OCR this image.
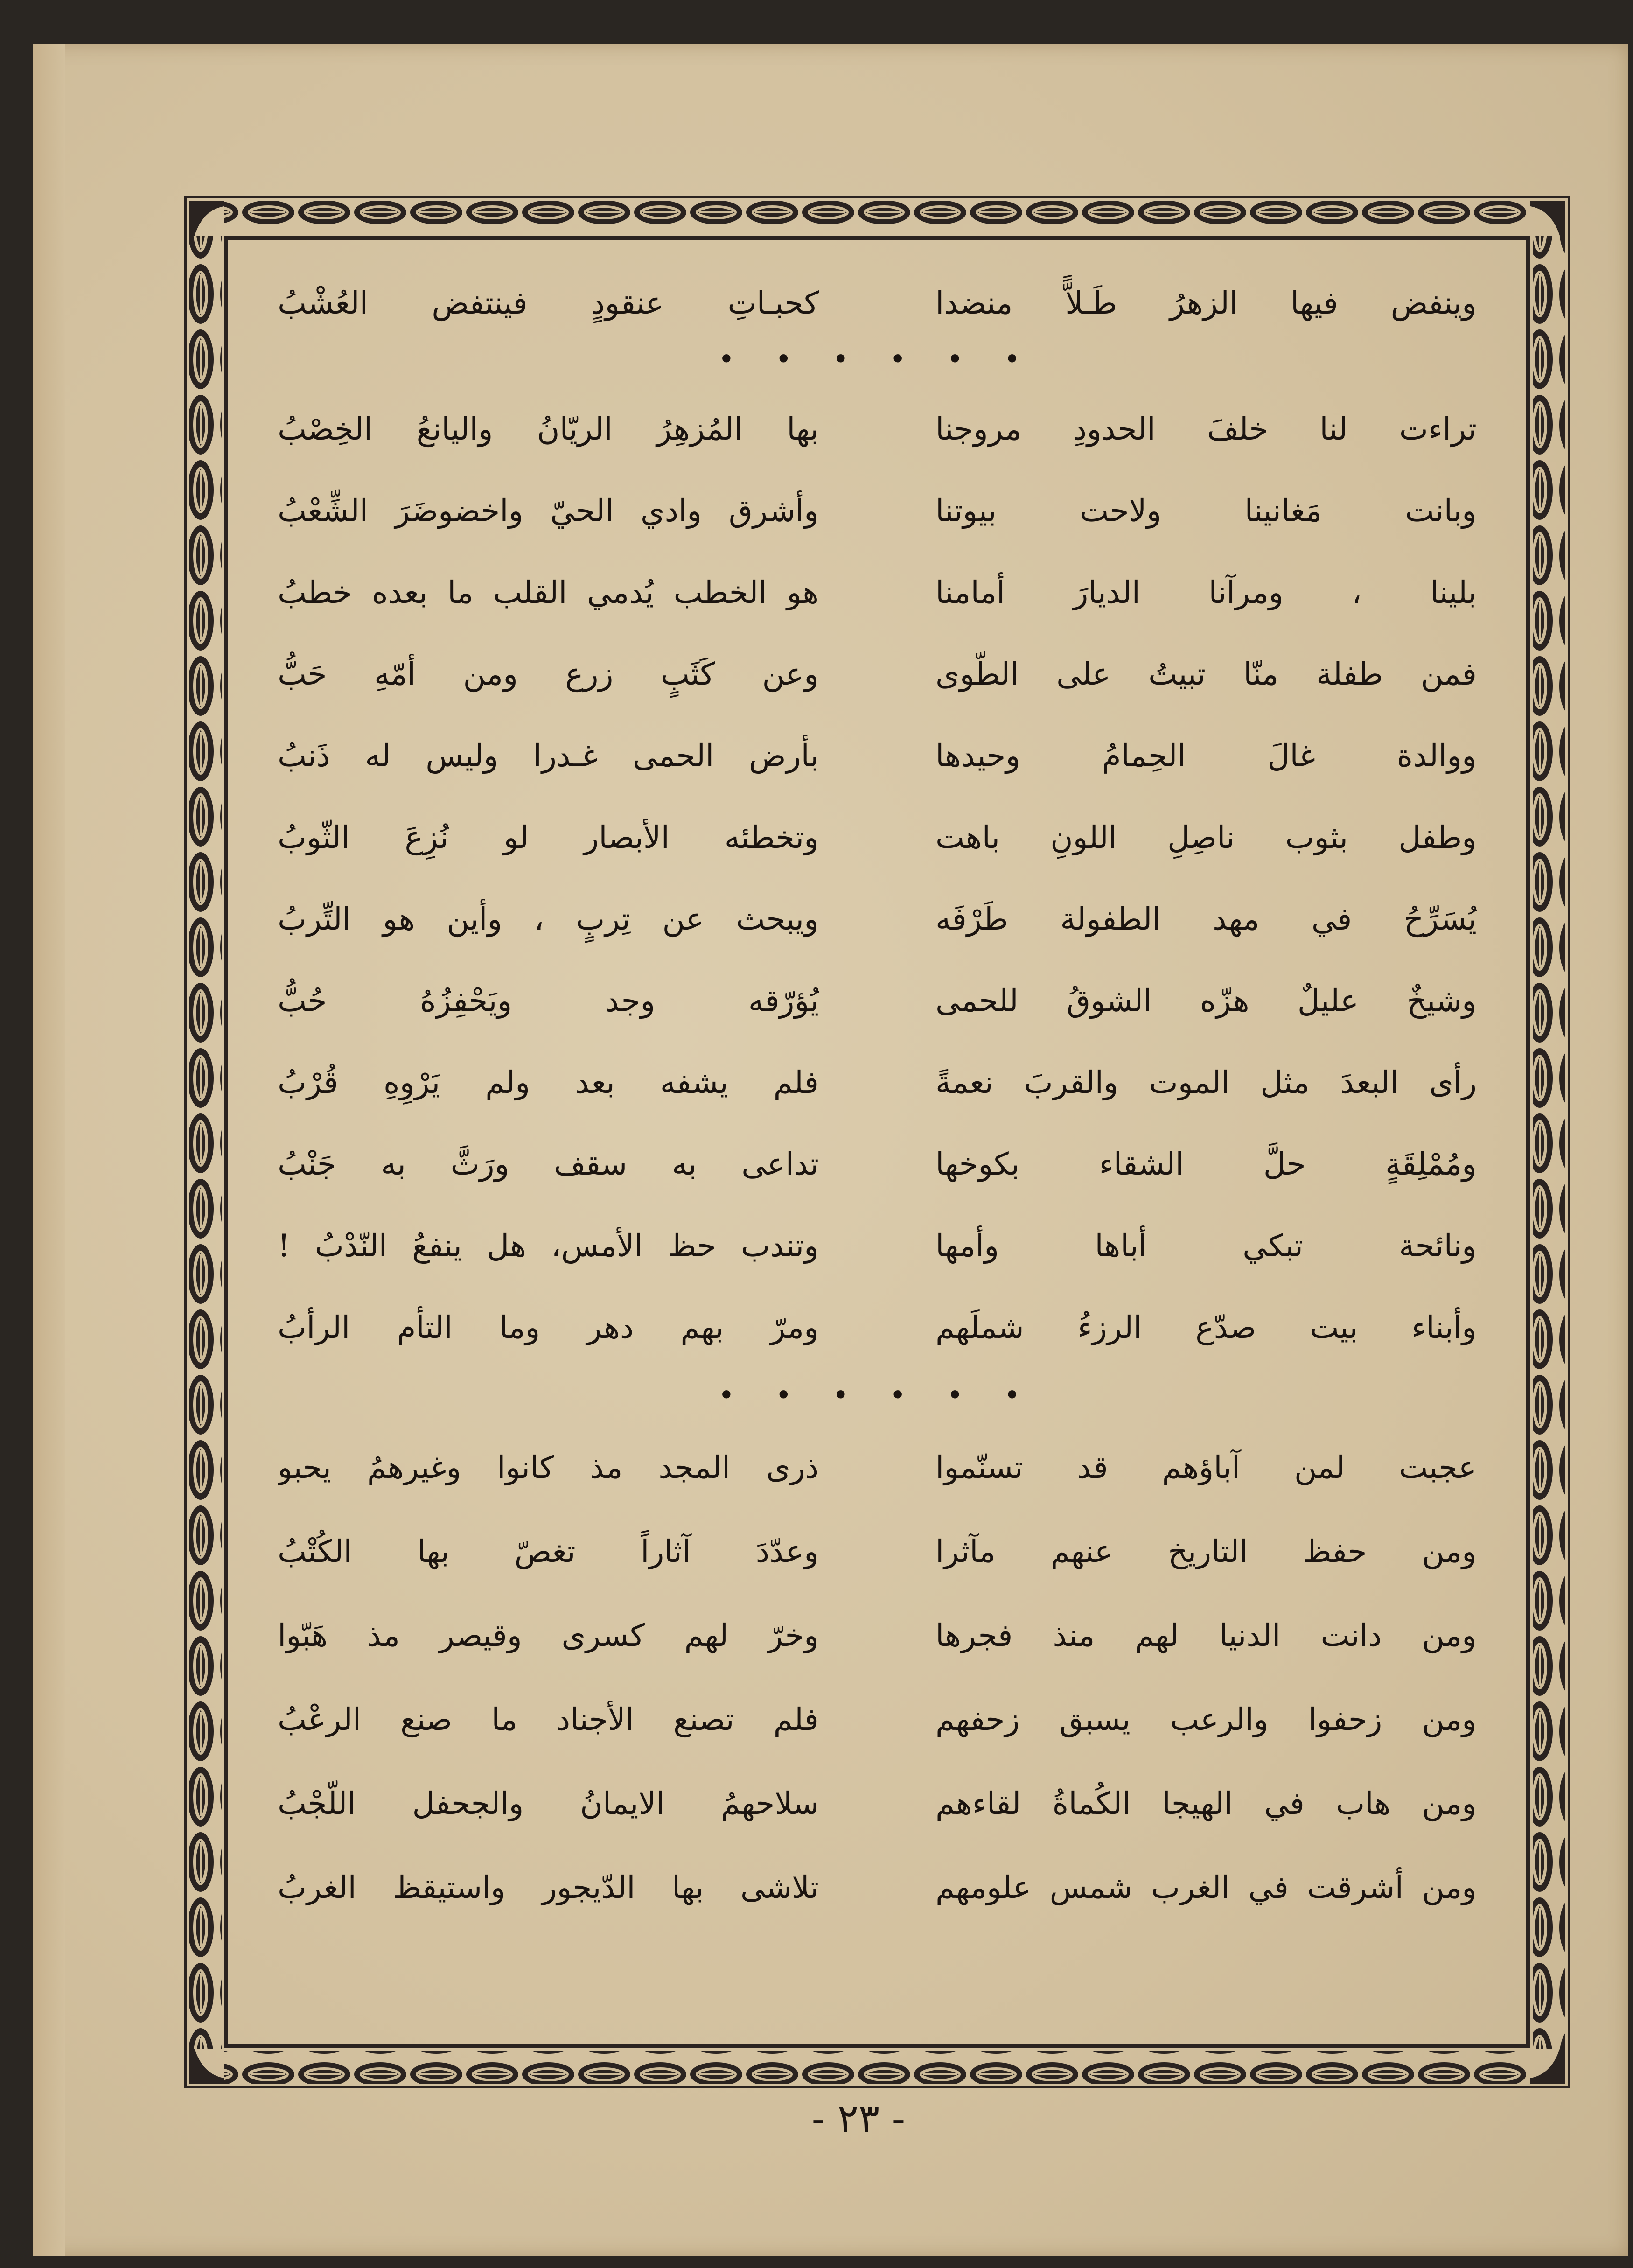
وينفض فيها الزهرُ طَـلاًّ منضدا
كحبـاتِ عنقودٍ فينتفض العُشْبُ
• • • • • •
تراءت لنا خلفَ الحدودِ مروجنا
بها المُزهِرُ الريّانُ واليانعُ الخِصْبُ
وبانت مَغانينا ولاحت بيوتنا
وأشرق وادي الحيّ واخضوضَرَ الشِّعْبُ
بلينا ، ومرآنا الديارَ أمامنا
هو الخطب يُدمي القلب ما بعده خطبُ
فمن طفلة منّا تبيتُ على الطّوى
وعن كَثَبٍ زرع ومن أمّهِ حَبُّ
ووالدة غالَ الحِمامُ وحيدها
بأرض الحمى غـدرا وليس له ذَنبُ
وطفل بثوب ناصِلِ اللونِ باهت
وتخطئه الأبصار لو نُزِعَ الثّوبُ
يُسَرِّحُ في مهد الطفولة طَرْفَه
ويبحث عن تِربٍ ، وأين هو التِّربُ
وشيخٌ عليلٌ هزّه الشوقُ للحمى
يُؤرّقه وجد ويَحْفِزُهُ حُبُّ
رأى البعدَ مثل الموت والقربَ نعمةً
فلم يشفه بعد ولم يَرْوِهِ قُرْبُ
ومُمْلِقَةٍ حلَّ الشقاء بكوخها
تداعى به سقف ورَثَّ به جَنْبُ
ونائحة تبكي أباها وأمها
وتندب حظ الأمس، هل ينفعُ النّدْبُ !
وأبناء بيت صدّع الرزءُ شملَهم
ومرّ بهم دهر وما التأم الرأبُ
• • • • • •
عجبت لمن آباؤهم قد تسنّموا
ذرى المجد مذ كانوا وغيرهمُ يحبو
ومن حفظ التاريخ عنهم مآثرا
وعدّدَ آثاراً تغصّ بها الكُتْبُ
ومن دانت الدنيا لهم منذ فجرها
وخرّ لهم كسرى وقيصر مذ هَبّوا
ومن زحفوا والرعب يسبق زحفهم
فلم تصنع الأجناد ما صنع الرعْبُ
ومن هاب في الهيجا الكُماةُ لقاءهم
سلاحهمُ الايمانُ والجحفل اللّجْبُ
ومن أشرقت في الغرب شمس علومهم
تلاشى بها الدّيجور واستيقظ الغربُ
- ٢٣ -
